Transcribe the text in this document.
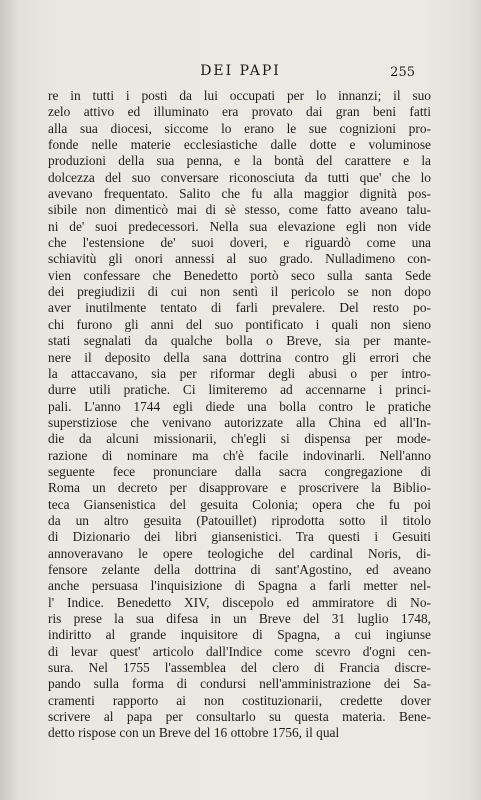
DEI PAPI	255
re in tutti i posti da lui occupati per lo innanzi; il suo
zelo attivo ed illuminato era provato dai gran beni fatti
alla sua diocesi, siccome lo erano le sue cognizioni pro-
fonde nelle materie ecclesiastiche dalle dotte e voluminose
produzioni della sua penna, e la bontà del carattere e la
dolcezza del suo conversare riconosciuta da tutti que' che lo
avevano frequentato. Salito che fu alla maggior dignità pos-
sibile non dimenticò mai di sè stesso, come fatto aveano talu-
ni de' suoi predecessori. Nella sua elevazione egli non vide
che l'estensione de' suoi doveri, e riguardò come una
schiavitù gli onori annessi al suo grado. Nulladimeno con-
vien confessare che Benedetto portò seco sulla santa Sede
dei pregiudizii di cui non sentì il pericolo se non dopo
aver inutilmente tentato di farli prevalere. Del resto po-
chi furono gli anni del suo pontificato i quali non sieno
stati segnalati da qualche bolla o Breve, sia per mante-
nere il deposito della sana dottrina contro gli errori che
la attaccavano, sia per riformar degli abusi o per intro-
durre utili pratiche. Ci limiteremo ad accennarne i princi-
pali. L'anno 1744 egli diede una bolla contro le pratiche
superstiziose che venivano autorizzate alla China ed all'In-
die da alcuni missionarii, ch'egli si dispensa per mode-
razione di nominare ma ch'è facile indovinarli. Nell'anno
seguente fece pronunciare dalla sacra congregazione di
Roma un decreto per disapprovare e proscrivere la Biblio-
teca Giansenistica del gesuita Colonia; opera che fu poi
da un altro gesuita (Patouillet) riprodotta sotto il titolo
di Dizionario dei libri giansenistici. Tra questi i Gesuiti
annoveravano le opere teologiche del cardinal Noris, di-
fensore zelante della dottrina di sant'Agostino, ed aveano
anche persuasa l'inquisizione di Spagna a farli metter nel-
l' Indice. Benedetto XIV, discepolo ed ammiratore di No-
ris prese la sua difesa in un Breve del 31 luglio 1748,
indiritto al grande inquisitore di Spagna, a cui ingiunse
di levar quest' articolo dall'Indice come scevro d'ogni cen-
sura. Nel 1755 l'assemblea del clero di Francia discre-
pando sulla forma di condursi nell'amministrazione dei Sa-
cramenti rapporto ai non costituzionarii, credette dover
scrivere al papa per consultarlo su questa materia. Bene-
detto rispose con un Breve del 16 ottobre 1756, il qual
